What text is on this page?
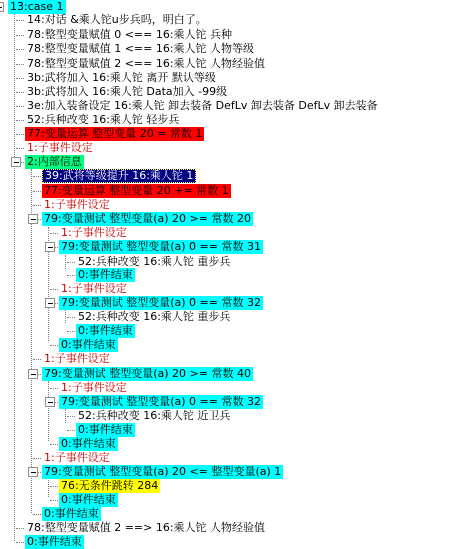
13:case 1
14:对话 &乘人铊u步兵吗，明白了。
78:整型变量赋值 0 <== 16:乘人铊 兵种
78:整型变量赋值 1 <== 16:乘人铊 人物等级
78:整型变量赋值 2 <== 16:乘人铊 人物经验值
3b:武将加入 16:乘人铊 离开 默认等级
3b:武将加入 16:乘人铊 Data加入 -99级
3e:加入装备设定 16:乘人铊 卸去装备 DefLv 卸去装备 DefLv 卸去装备
52:兵种改变 16:乘人铊 轻步兵
77:变量运算 整型变量 20 = 常数 1
1:子事件设定
2:内部信息
39:武将等级提升 16:乘人铊 1
77:变量运算 整型变量 20 += 常数 1
1:子事件设定
79:变量测试 整型变量(a) 20 >= 常数 20
1:子事件设定
79:变量测试 整型变量(a) 0 == 常数 31
52:兵种改变 16:乘人铊 重步兵
0:事件结束
1:子事件设定
79:变量测试 整型变量(a) 0 == 常数 32
52:兵种改变 16:乘人铊 重步兵
0:事件结束
0:事件结束
1:子事件设定
79:变量测试 整型变量(a) 20 >= 常数 40
1:子事件设定
79:变量测试 整型变量(a) 0 == 常数 32
52:兵种改变 16:乘人铊 近卫兵
0:事件结束
0:事件结束
1:子事件设定
79:变量测试 整型变量(a) 20 <= 整型变量(a) 1
76:无条件跳转 284
0:事件结束
0:事件结束
78:整型变量赋值 2 ==> 16:乘人铊 人物经验值
0:事件结束
